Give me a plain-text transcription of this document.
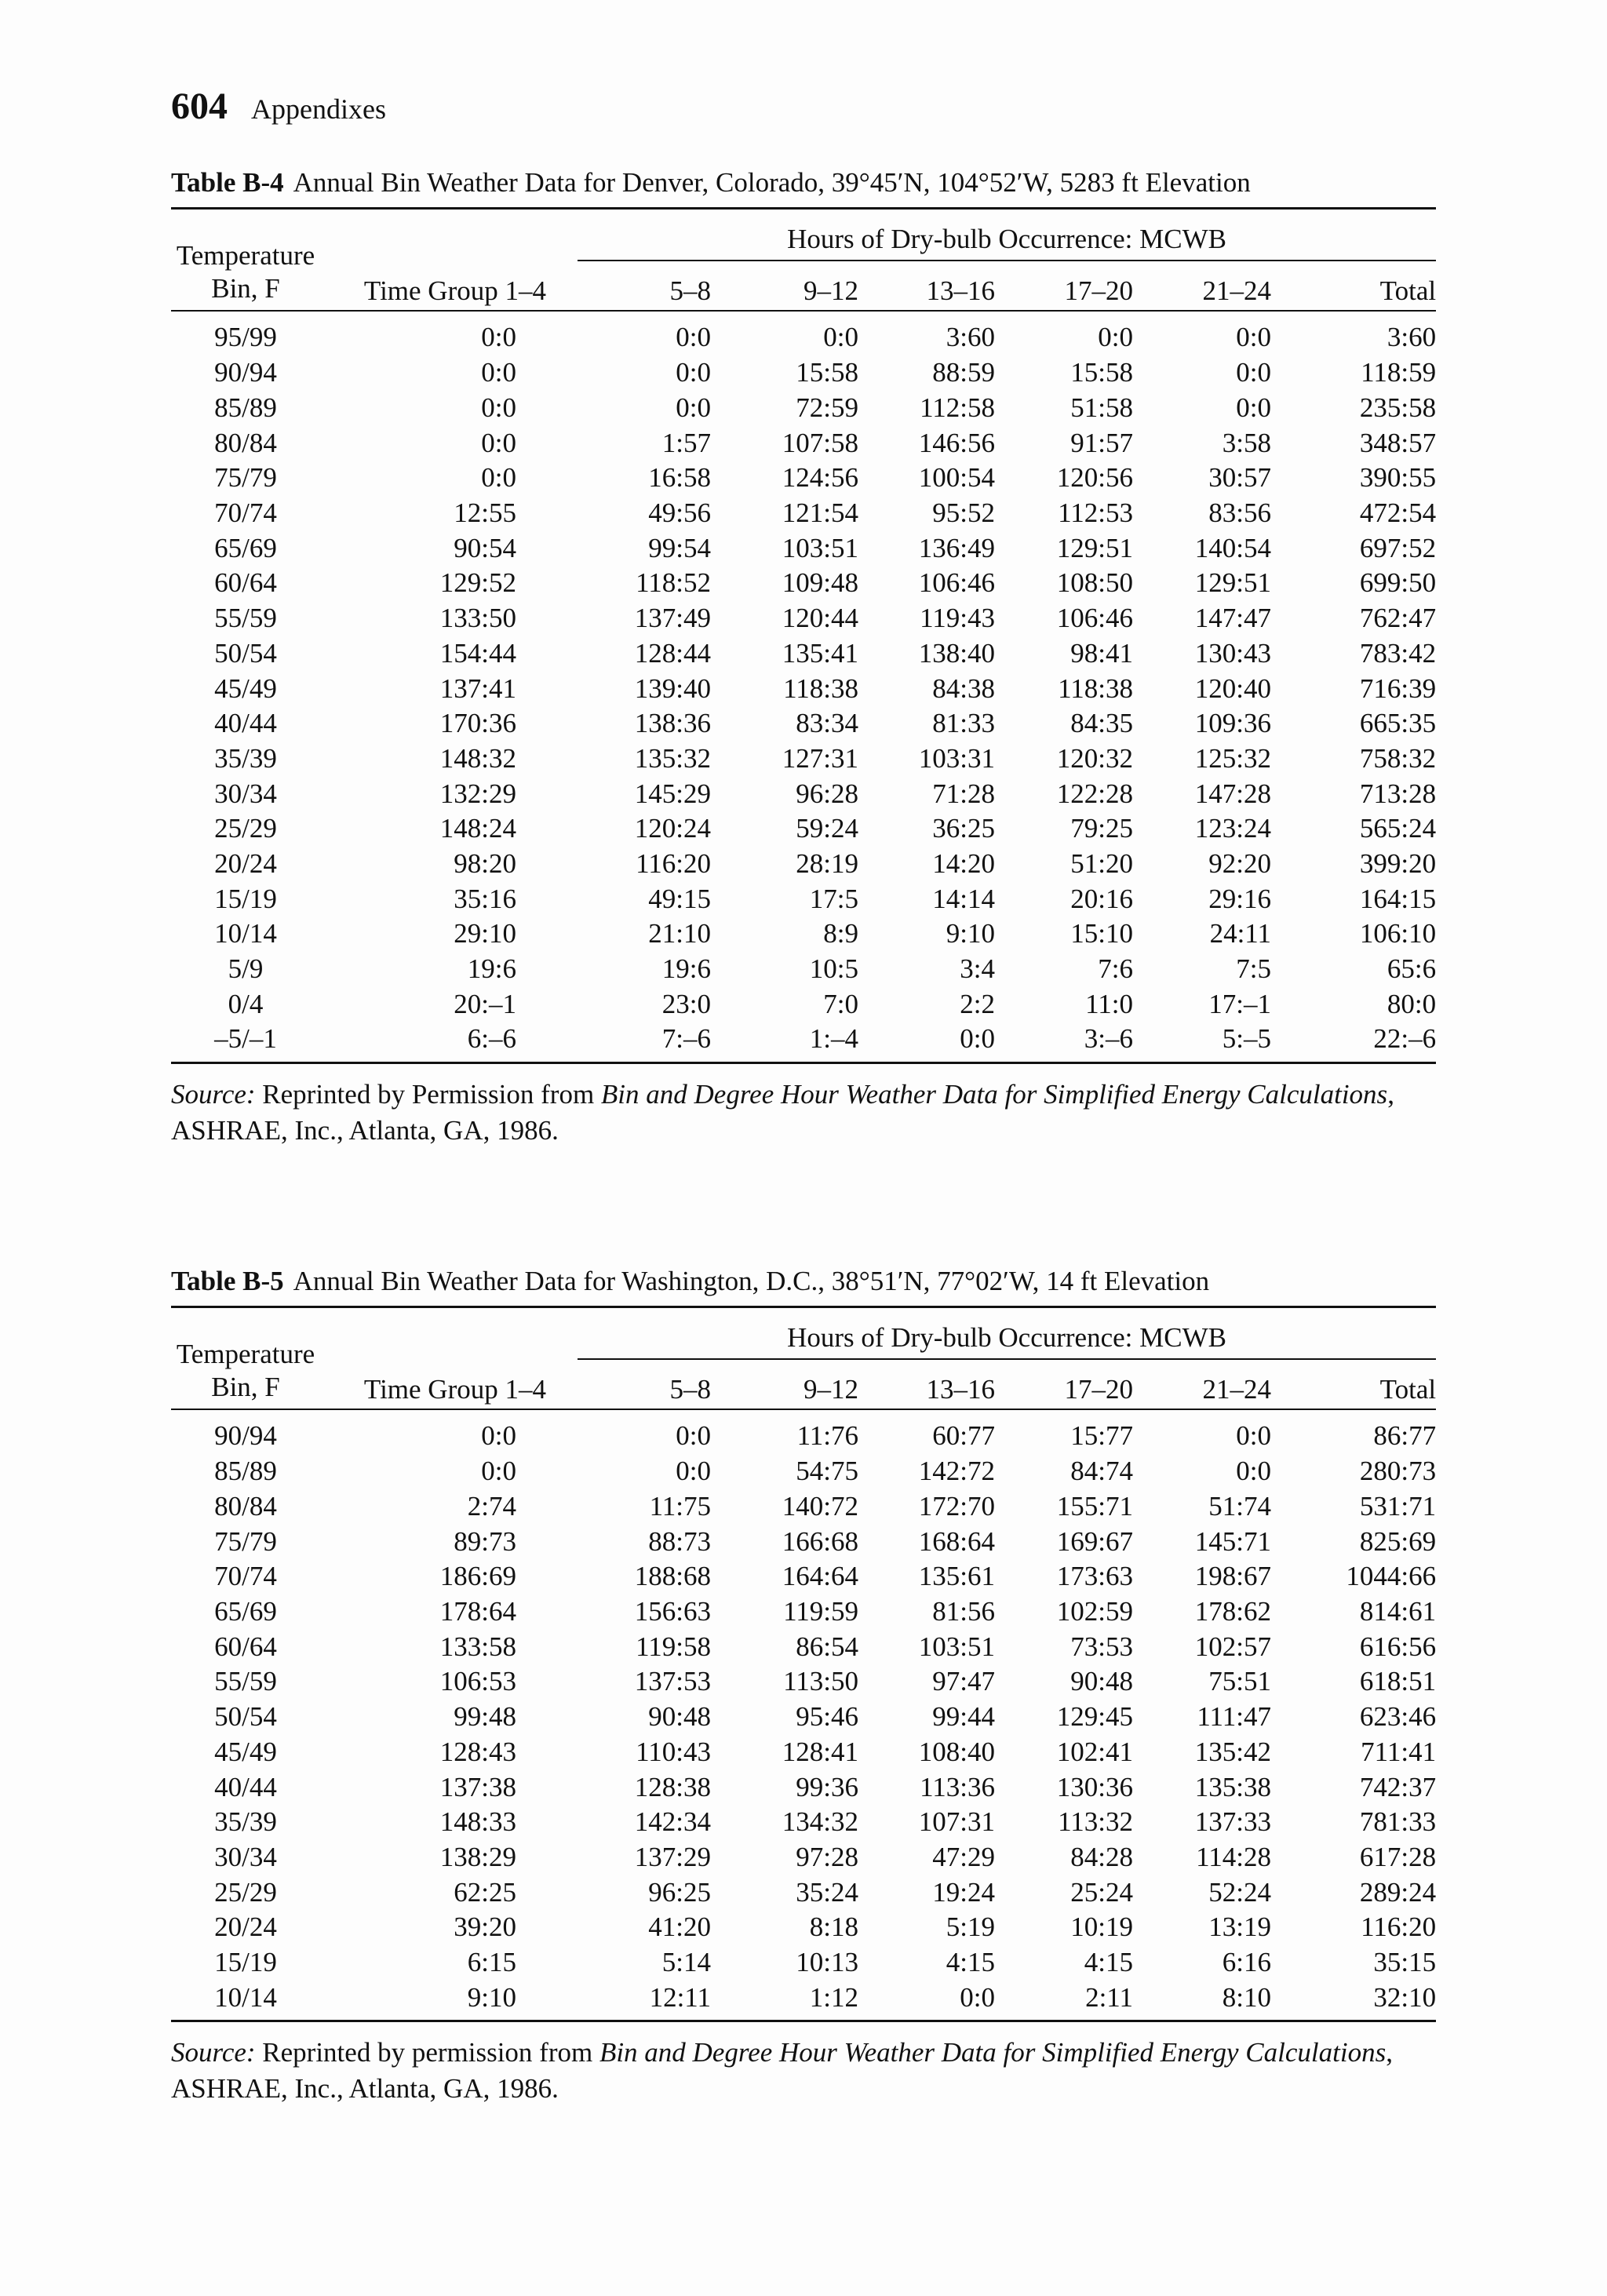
604 Appendixes
Table B-4 Annual Bin Weather Data for Denver, Colorado, 39°45′N, 104°52′W, 5283 ft Elevation
Temperature
Bin, F		Hours of Dry-bulb Occurrence: MCWB					
	Time Group 1–4	5–8	9–12	13–16	17–20	21–24	Total
95/99	0:0	0:0	0:0	3:60	0:0	0:0	3:60
90/94	0:0	0:0	15:58	88:59	15:58	0:0	118:59
85/89	0:0	0:0	72:59	112:58	51:58	0:0	235:58
80/84	0:0	1:57	107:58	146:56	91:57	3:58	348:57
75/79	0:0	16:58	124:56	100:54	120:56	30:57	390:55
70/74	12:55	49:56	121:54	95:52	112:53	83:56	472:54
65/69	90:54	99:54	103:51	136:49	129:51	140:54	697:52
60/64	129:52	118:52	109:48	106:46	108:50	129:51	699:50
55/59	133:50	137:49	120:44	119:43	106:46	147:47	762:47
50/54	154:44	128:44	135:41	138:40	98:41	130:43	783:42
45/49	137:41	139:40	118:38	84:38	118:38	120:40	716:39
40/44	170:36	138:36	83:34	81:33	84:35	109:36	665:35
35/39	148:32	135:32	127:31	103:31	120:32	125:32	758:32
30/34	132:29	145:29	96:28	71:28	122:28	147:28	713:28
25/29	148:24	120:24	59:24	36:25	79:25	123:24	565:24
20/24	98:20	116:20	28:19	14:20	51:20	92:20	399:20
15/19	35:16	49:15	17:5	14:14	20:16	29:16	164:15
10/14	29:10	21:10	8:9	9:10	15:10	24:11	106:10
5/9	19:6	19:6	10:5	3:4	7:6	7:5	65:6
0/4	20:–1	23:0	7:0	2:2	11:0	17:–1	80:0
–5/–1	6:–6	7:–6	1:–4	0:0	3:–6	5:–5	22:–6
Source: Reprinted by Permission from Bin and Degree Hour Weather Data for Simplified Energy Calculations, ASHRAE, Inc., Atlanta, GA, 1986.
Table B-5 Annual Bin Weather Data for Washington, D.C., 38°51′N, 77°02′W, 14 ft Elevation
Temperature
Bin, F		Hours of Dry-bulb Occurrence: MCWB					
	Time Group 1–4	5–8	9–12	13–16	17–20	21–24	Total
90/94	0:0	0:0	11:76	60:77	15:77	0:0	86:77
85/89	0:0	0:0	54:75	142:72	84:74	0:0	280:73
80/84	2:74	11:75	140:72	172:70	155:71	51:74	531:71
75/79	89:73	88:73	166:68	168:64	169:67	145:71	825:69
70/74	186:69	188:68	164:64	135:61	173:63	198:67	1044:66
65/69	178:64	156:63	119:59	81:56	102:59	178:62	814:61
60/64	133:58	119:58	86:54	103:51	73:53	102:57	616:56
55/59	106:53	137:53	113:50	97:47	90:48	75:51	618:51
50/54	99:48	90:48	95:46	99:44	129:45	111:47	623:46
45/49	128:43	110:43	128:41	108:40	102:41	135:42	711:41
40/44	137:38	128:38	99:36	113:36	130:36	135:38	742:37
35/39	148:33	142:34	134:32	107:31	113:32	137:33	781:33
30/34	138:29	137:29	97:28	47:29	84:28	114:28	617:28
25/29	62:25	96:25	35:24	19:24	25:24	52:24	289:24
20/24	39:20	41:20	8:18	5:19	10:19	13:19	116:20
15/19	6:15	5:14	10:13	4:15	4:15	6:16	35:15
10/14	9:10	12:11	1:12	0:0	2:11	8:10	32:10
Source: Reprinted by permission from Bin and Degree Hour Weather Data for Simplified Energy Calculations, ASHRAE, Inc., Atlanta, GA, 1986.
